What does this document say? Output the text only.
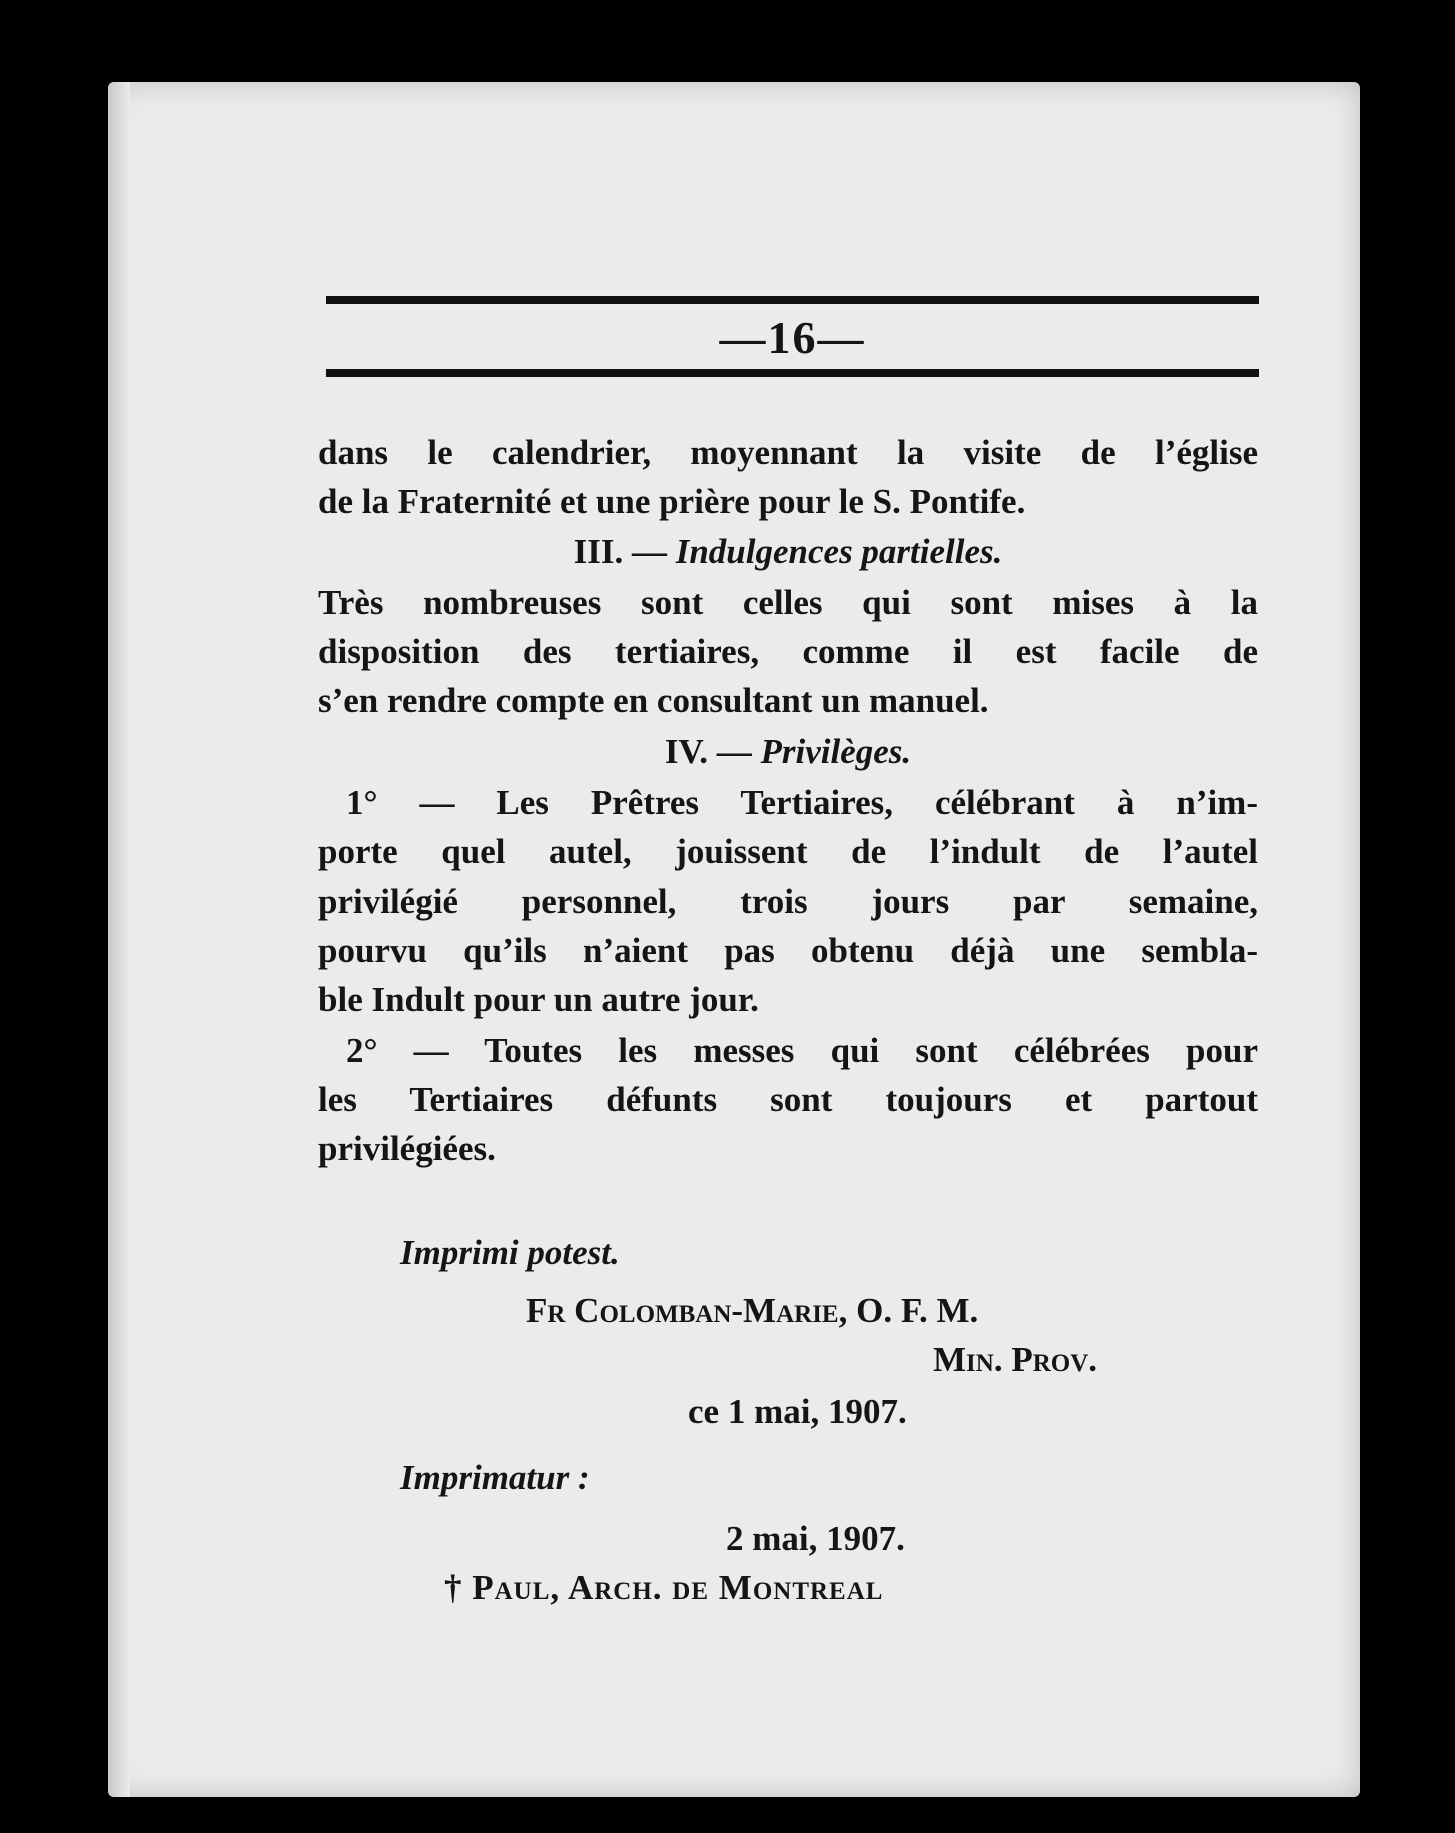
—16—
dans le calendrier, moyennant la visite de l’église
de la Fraternité et une prière pour le S. Pontife.
III. — Indulgences partielles.
Très nombreuses sont celles qui sont mises à la
disposition des tertiaires, comme il est facile de
s’en rendre compte en consultant un manuel.
IV. — Privilèges.
1° — Les Prêtres Tertiaires, célébrant à n’im-
porte quel autel, jouissent de l’indult de l’autel
privilégié personnel, trois jours par semaine,
pourvu qu’ils n’aient pas obtenu déjà une sembla-
ble Indult pour un autre jour.
2° — Toutes les messes qui sont célébrées pour
les Tertiaires défunts sont toujours et partout
privilégiées.
Imprimi potest.
Fr Colomban-Marie, O. F. M.
Min. Prov.
ce 1 mai, 1907.
Imprimatur :
2 mai, 1907.
† Paul, Arch. de Montreal
